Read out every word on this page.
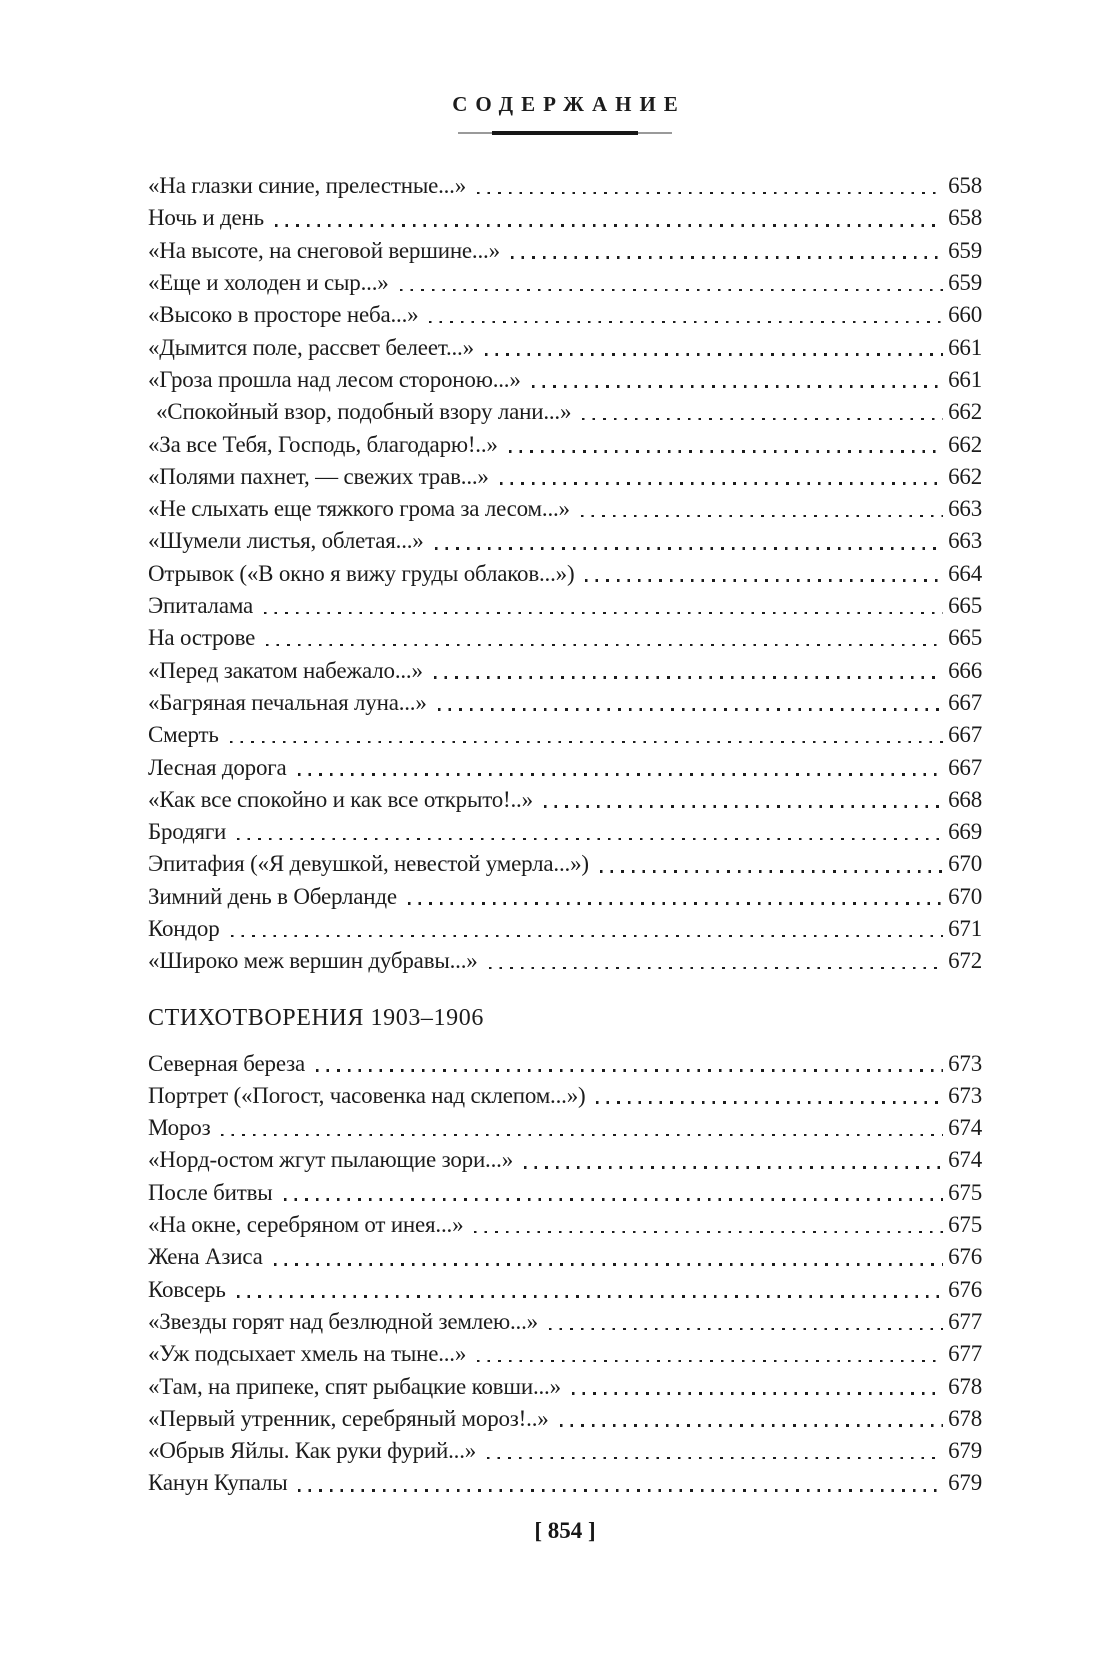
СОДЕРЖАНИЕ
«На глазки синие, прелестные...»	658
Ночь и день	658
«На высоте, на снеговой вершине...»	659
«Еще и холоден и сыр...»	659
«Высоко в просторе неба...»	660
«Дымится поле, рассвет белеет...»	661
«Гроза прошла над лесом стороною...»	661
«Спокойный взор, подобный взору лани...»	662
«За все Тебя, Господь, благодарю!..»	662
«Полями пахнет, — свежих трав...»	662
«Не слыхать еще тяжкого грома за лесом...»	663
«Шумели листья, облетая...»	663
Отрывок («В окно я вижу груды облаков...»)	664
Эпиталама	665
На острове	665
«Перед закатом набежало...»	666
«Багряная печальная луна...»	667
Смерть	667
Лесная дорога	667
«Как все спокойно и как все открыто!..»	668
Бродяги	669
Эпитафия («Я девушкой, невестой умерла...»)	670
Зимний день в Оберланде	670
Кондор	671
«Широко меж вершин дубравы...»	672
СТИХОТВОРЕНИЯ 1903–1906
Северная береза	673
Портрет («Погост, часовенка над склепом...»)	673
Мороз	674
«Норд-остом жгут пылающие зори...»	674
После битвы	675
«На окне, серебряном от инея...»	675
Жена Азиса	676
Ковсерь	676
«Звезды горят над безлюдной землею...»	677
«Уж подсыхает хмель на тыне...»	677
«Там, на припеке, спят рыбацкие ковши...»	678
«Первый утренник, серебряный мороз!..»	678
«Обрыв Яйлы. Как руки фурий...»	679
Канун Купалы	679
[ 854 ]
